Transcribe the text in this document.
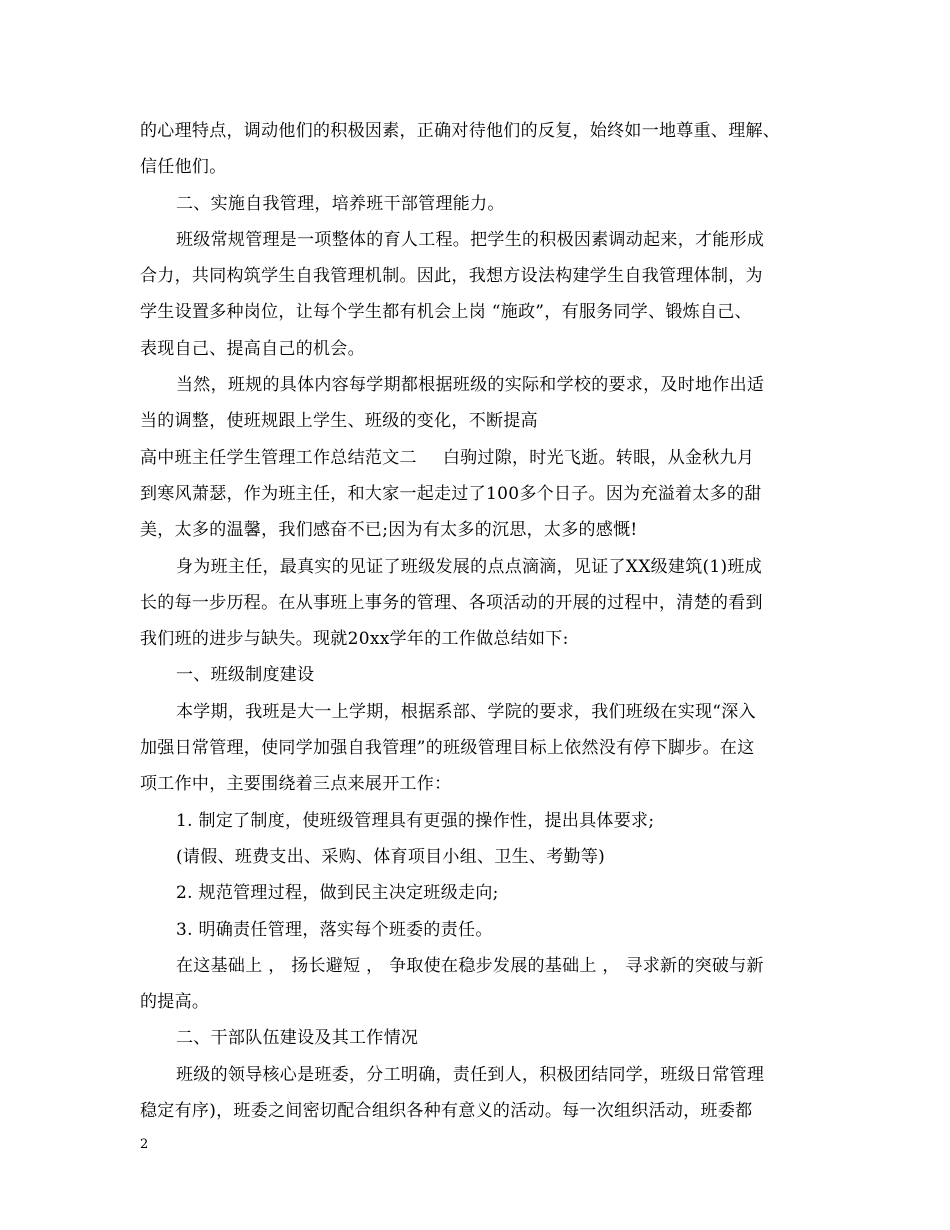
的心理特点，调动他们的积极因素，正确对待他们的反复，始终如一地尊重、理解、
信任他们。
二、实施自我管理，培养班干部管理能力。
班级常规管理是一项整体的育人工程。把学生的积极因素调动起来，才能形成
合力，共同构筑学生自我管理机制。因此，我想方设法构建学生自我管理体制，为
学生设置多种岗位，让每个学生都有机会上岗 “施政”，有服务同学、锻炼自己、
表现自己、提高自己的机会。
当然，班规的具体内容每学期都根据班级的实际和学校的要求，及时地作出适
当的调整，使班规跟上学生、班级的变化，不断提高
高中班主任学生管理工作总结范文二 白驹过隙，时光飞逝。转眼，从金秋九月
到寒风萧瑟，作为班主任，和大家一起走过了100多个日子。因为充溢着太多的甜
美，太多的温馨，我们感奋不已;因为有太多的沉思，太多的感慨!
身为班主任，最真实的见证了班级发展的点点滴滴，见证了XX级建筑(1)班成
长的每一步历程。在从事班上事务的管理、各项活动的开展的过程中，清楚的看到
我们班的进步与缺失。现就20xx学年的工作做总结如下:
一、班级制度建设
本学期，我班是大一上学期，根据系部、学院的要求，我们班级在实现“深入
加强日常管理，使同学加强自我管理”的班级管理目标上依然没有停下脚步。在这
项工作中，主要围绕着三点来展开工作：
1. 制定了制度，使班级管理具有更强的操作性，提出具体要求;
(请假、班费支出、采购、体育项目小组、卫生、考勤等)
2. 规范管理过程，做到民主决定班级走向;
3. 明确责任管理，落实每个班委的责任。
在这基础上 ， 扬长避短 ， 争取使在稳步发展的基础上 ， 寻求新的突破与新
的提高。
二、干部队伍建设及其工作情况
班级的领导核心是班委，分工明确，责任到人，积极团结同学，班级日常管理
稳定有序)，班委之间密切配合组织各种有意义的活动。每一次组织活动，班委都
2
